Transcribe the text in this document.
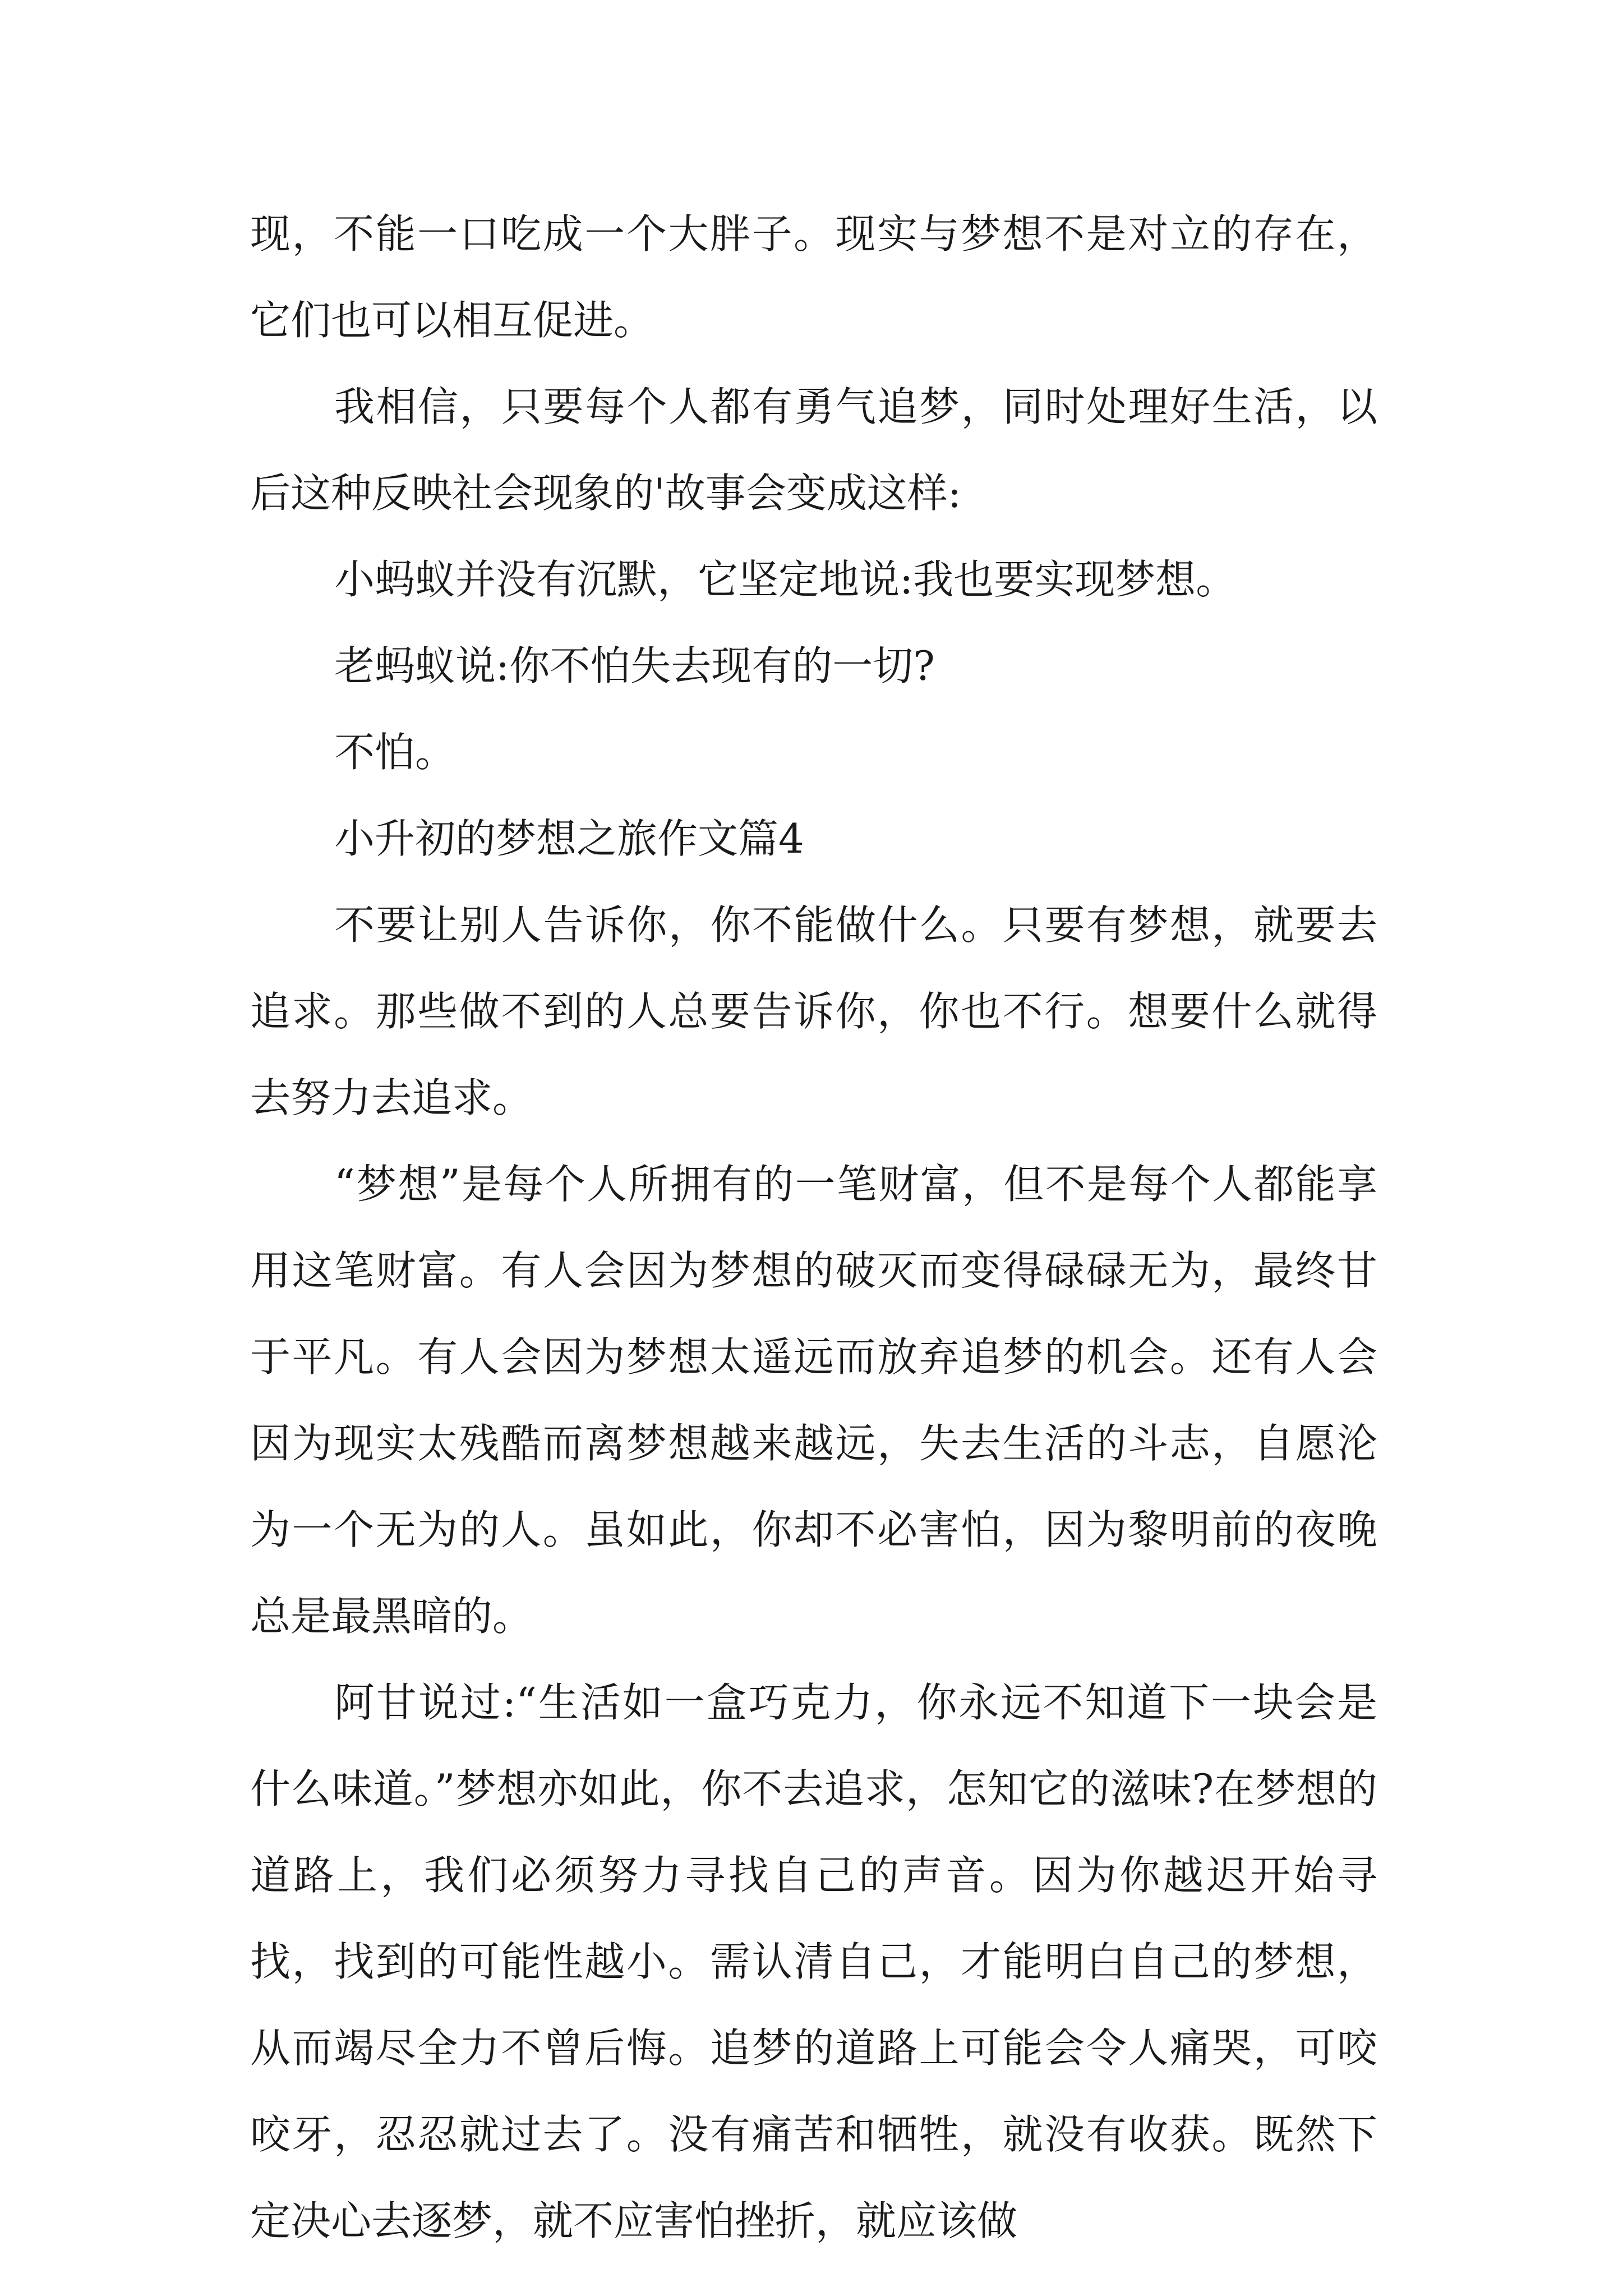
现，不能一口吃成一个大胖子。现实与梦想不是对立的存在，它们也可以相互促进。

我相信，只要每个人都有勇气追梦，同时处理好生活，以后这种反映社会现象的'故事会变成这样:

小蚂蚁并没有沉默，它坚定地说:我也要实现梦想。

老蚂蚁说:你不怕失去现有的一切?

不怕。

小升初的梦想之旅作文篇4

不要让别人告诉你，你不能做什么。只要有梦想，就要去追求。那些做不到的人总要告诉你，你也不行。想要什么就得去努力去追求。

“梦想”是每个人所拥有的一笔财富，但不是每个人都能享用这笔财富。有人会因为梦想的破灭而变得碌碌无为，最终甘于平凡。有人会因为梦想太遥远而放弃追梦的机会。还有人会因为现实太残酷而离梦想越来越远，失去生活的斗志，自愿沦为一个无为的人。虽如此，你却不必害怕，因为黎明前的夜晚总是最黑暗的。

阿甘说过:“生活如一盒巧克力，你永远不知道下一块会是什么味道。”梦想亦如此，你不去追求，怎知它的滋味?在梦想的道路上，我们必须努力寻找自己的声音。因为你越迟开始寻找，找到的可能性越小。需认清自己，才能明白自己的梦想，从而竭尽全力不曾后悔。追梦的道路上可能会令人痛哭，可咬咬牙，忍忍就过去了。没有痛苦和牺牲，就没有收获。既然下定决心去逐梦，就不应害怕挫折，就应该做
